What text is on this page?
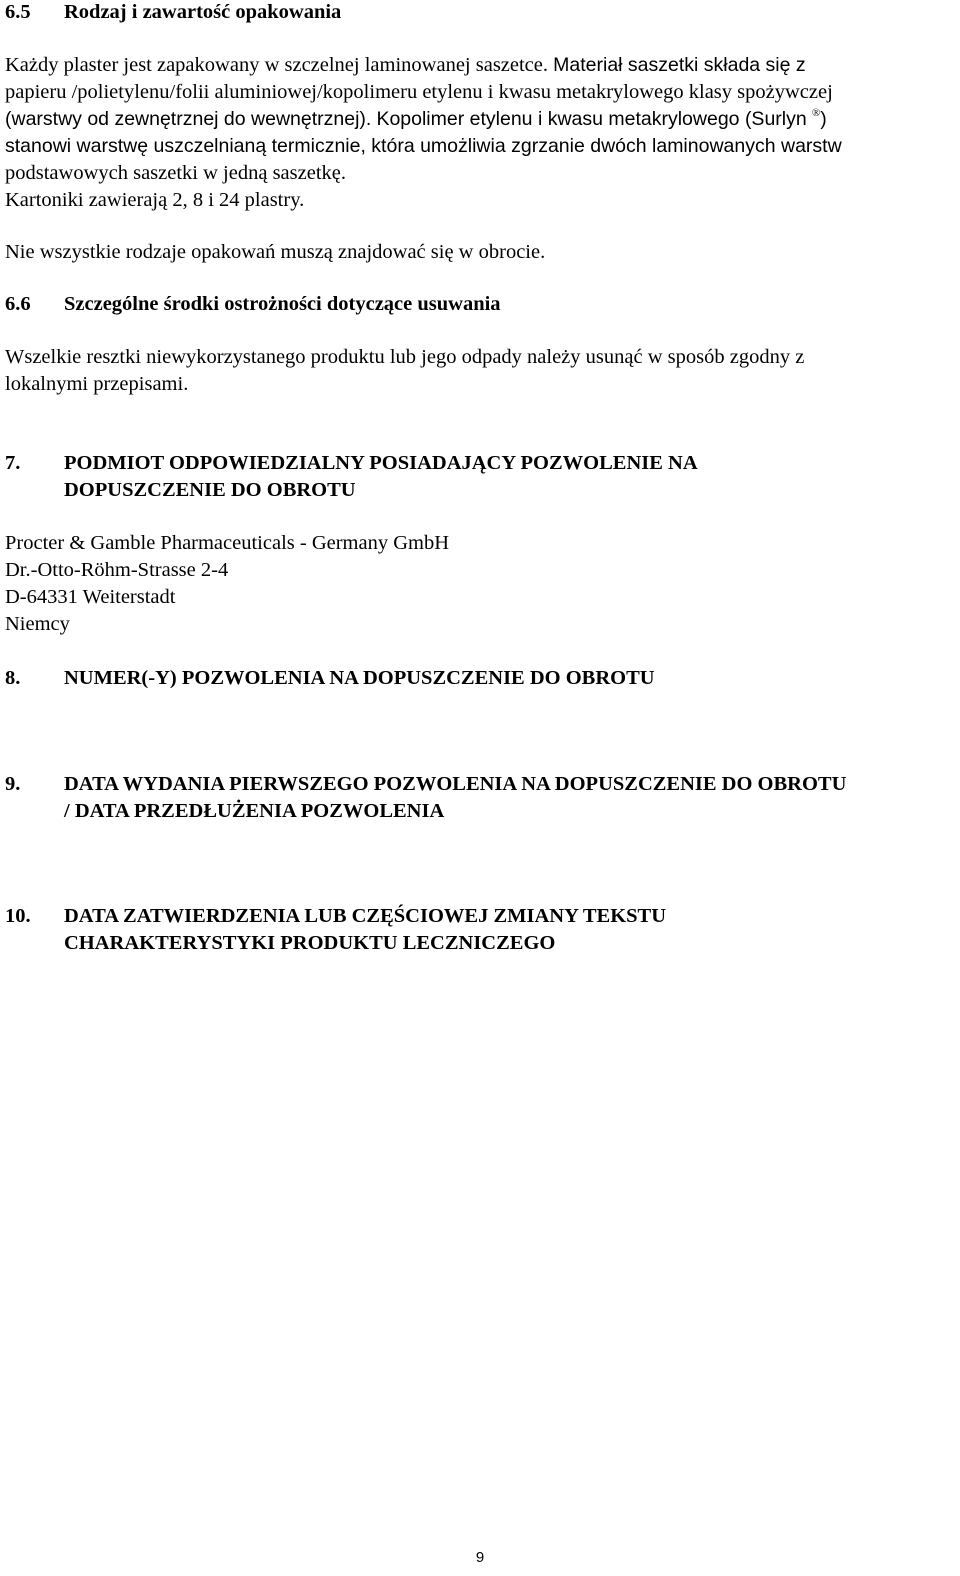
6.5 Rodzaj i zawartość opakowania
Każdy plaster jest zapakowany w szczelnej laminowanej saszetce. Materiał saszetki składa się z
papieru /polietylenu/folii aluminiowej/kopolimeru etylenu i kwasu metakrylowego klasy spożywczej
(warstwy od zewnętrznej do wewnętrznej). Kopolimer etylenu i kwasu metakrylowego (Surlyn ®)
stanowi warstwę uszczelnianą termicznie, która umożliwia zgrzanie dwóch laminowanych warstw
podstawowych saszetki w jedną saszetkę.
Kartoniki zawierają 2, 8 i 24 plastry.

Nie wszystkie rodzaje opakowań muszą znajdować się w obrocie.

6.6 Szczególne środki ostrożności dotyczące usuwania
Wszelkie resztki niewykorzystanego produktu lub jego odpady należy usunąć w sposób zgodny z
lokalnymi przepisami.
7. PODMIOT ODPOWIEDZIALNY POSIADAJĄCY POZWOLENIE NA
DOPUSZCZENIE DO OBROTU
Procter & Gamble Pharmaceuticals - Germany GmbH
Dr.-Otto-Röhm-Strasse 2-4
D-64331 Weiterstadt
Niemcy
8. NUMER(-Y) POZWOLENIA NA DOPUSZCZENIE DO OBROTU
9. DATA WYDANIA PIERWSZEGO POZWOLENIA NA DOPUSZCZENIE DO OBROTU
/ DATA PRZEDŁUŻENIA POZWOLENIA
10. DATA ZATWIERDZENIA LUB CZĘŚCIOWEJ ZMIANY TEKSTU
CHARAKTERYSTYKI PRODUKTU LECZNICZEGO
9
